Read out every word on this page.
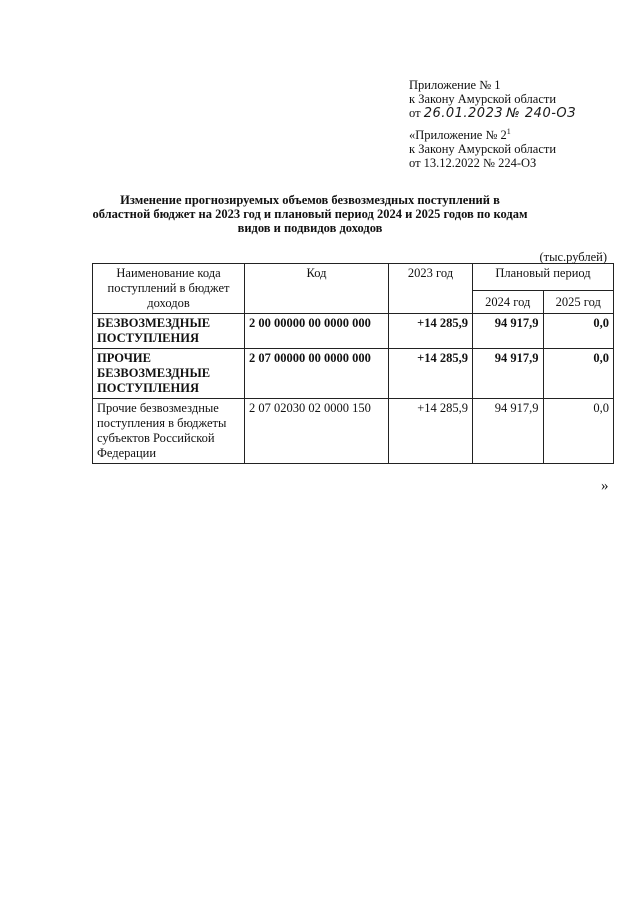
Приложение № 1
к Закону Амурской области
от 26.01.2023 № 240-ОЗ
«Приложение № $2^1$
к Закону Амурской области
от 13.12.2022 № 224-ОЗ
Изменение прогнозируемых объемов безвозмездных поступлений в областной бюджет на 2023 год и плановый период 2024 и 2025 годов по кодам видов и подвидов доходов
(тыс.рублей)
Наименование кода поступлений в бюджет доходов	Код	2023 год	Плановый период	
			2024 год	2025 год
БЕЗВОЗМЕЗДНЫЕ ПОСТУПЛЕНИЯ	2 00 00000 00 0000 000	+14 285,9	94 917,9	0,0
ПРОЧИЕ БЕЗВОЗМЕЗДНЫЕ ПОСТУПЛЕНИЯ	2 07 00000 00 0000 000	+14 285,9	94 917,9	0,0
Прочие безвозмездные поступления в бюджеты субъектов Российской Федерации	2 07 02030 02 0000 150	+14 285,9	94 917,9	0,0
»
